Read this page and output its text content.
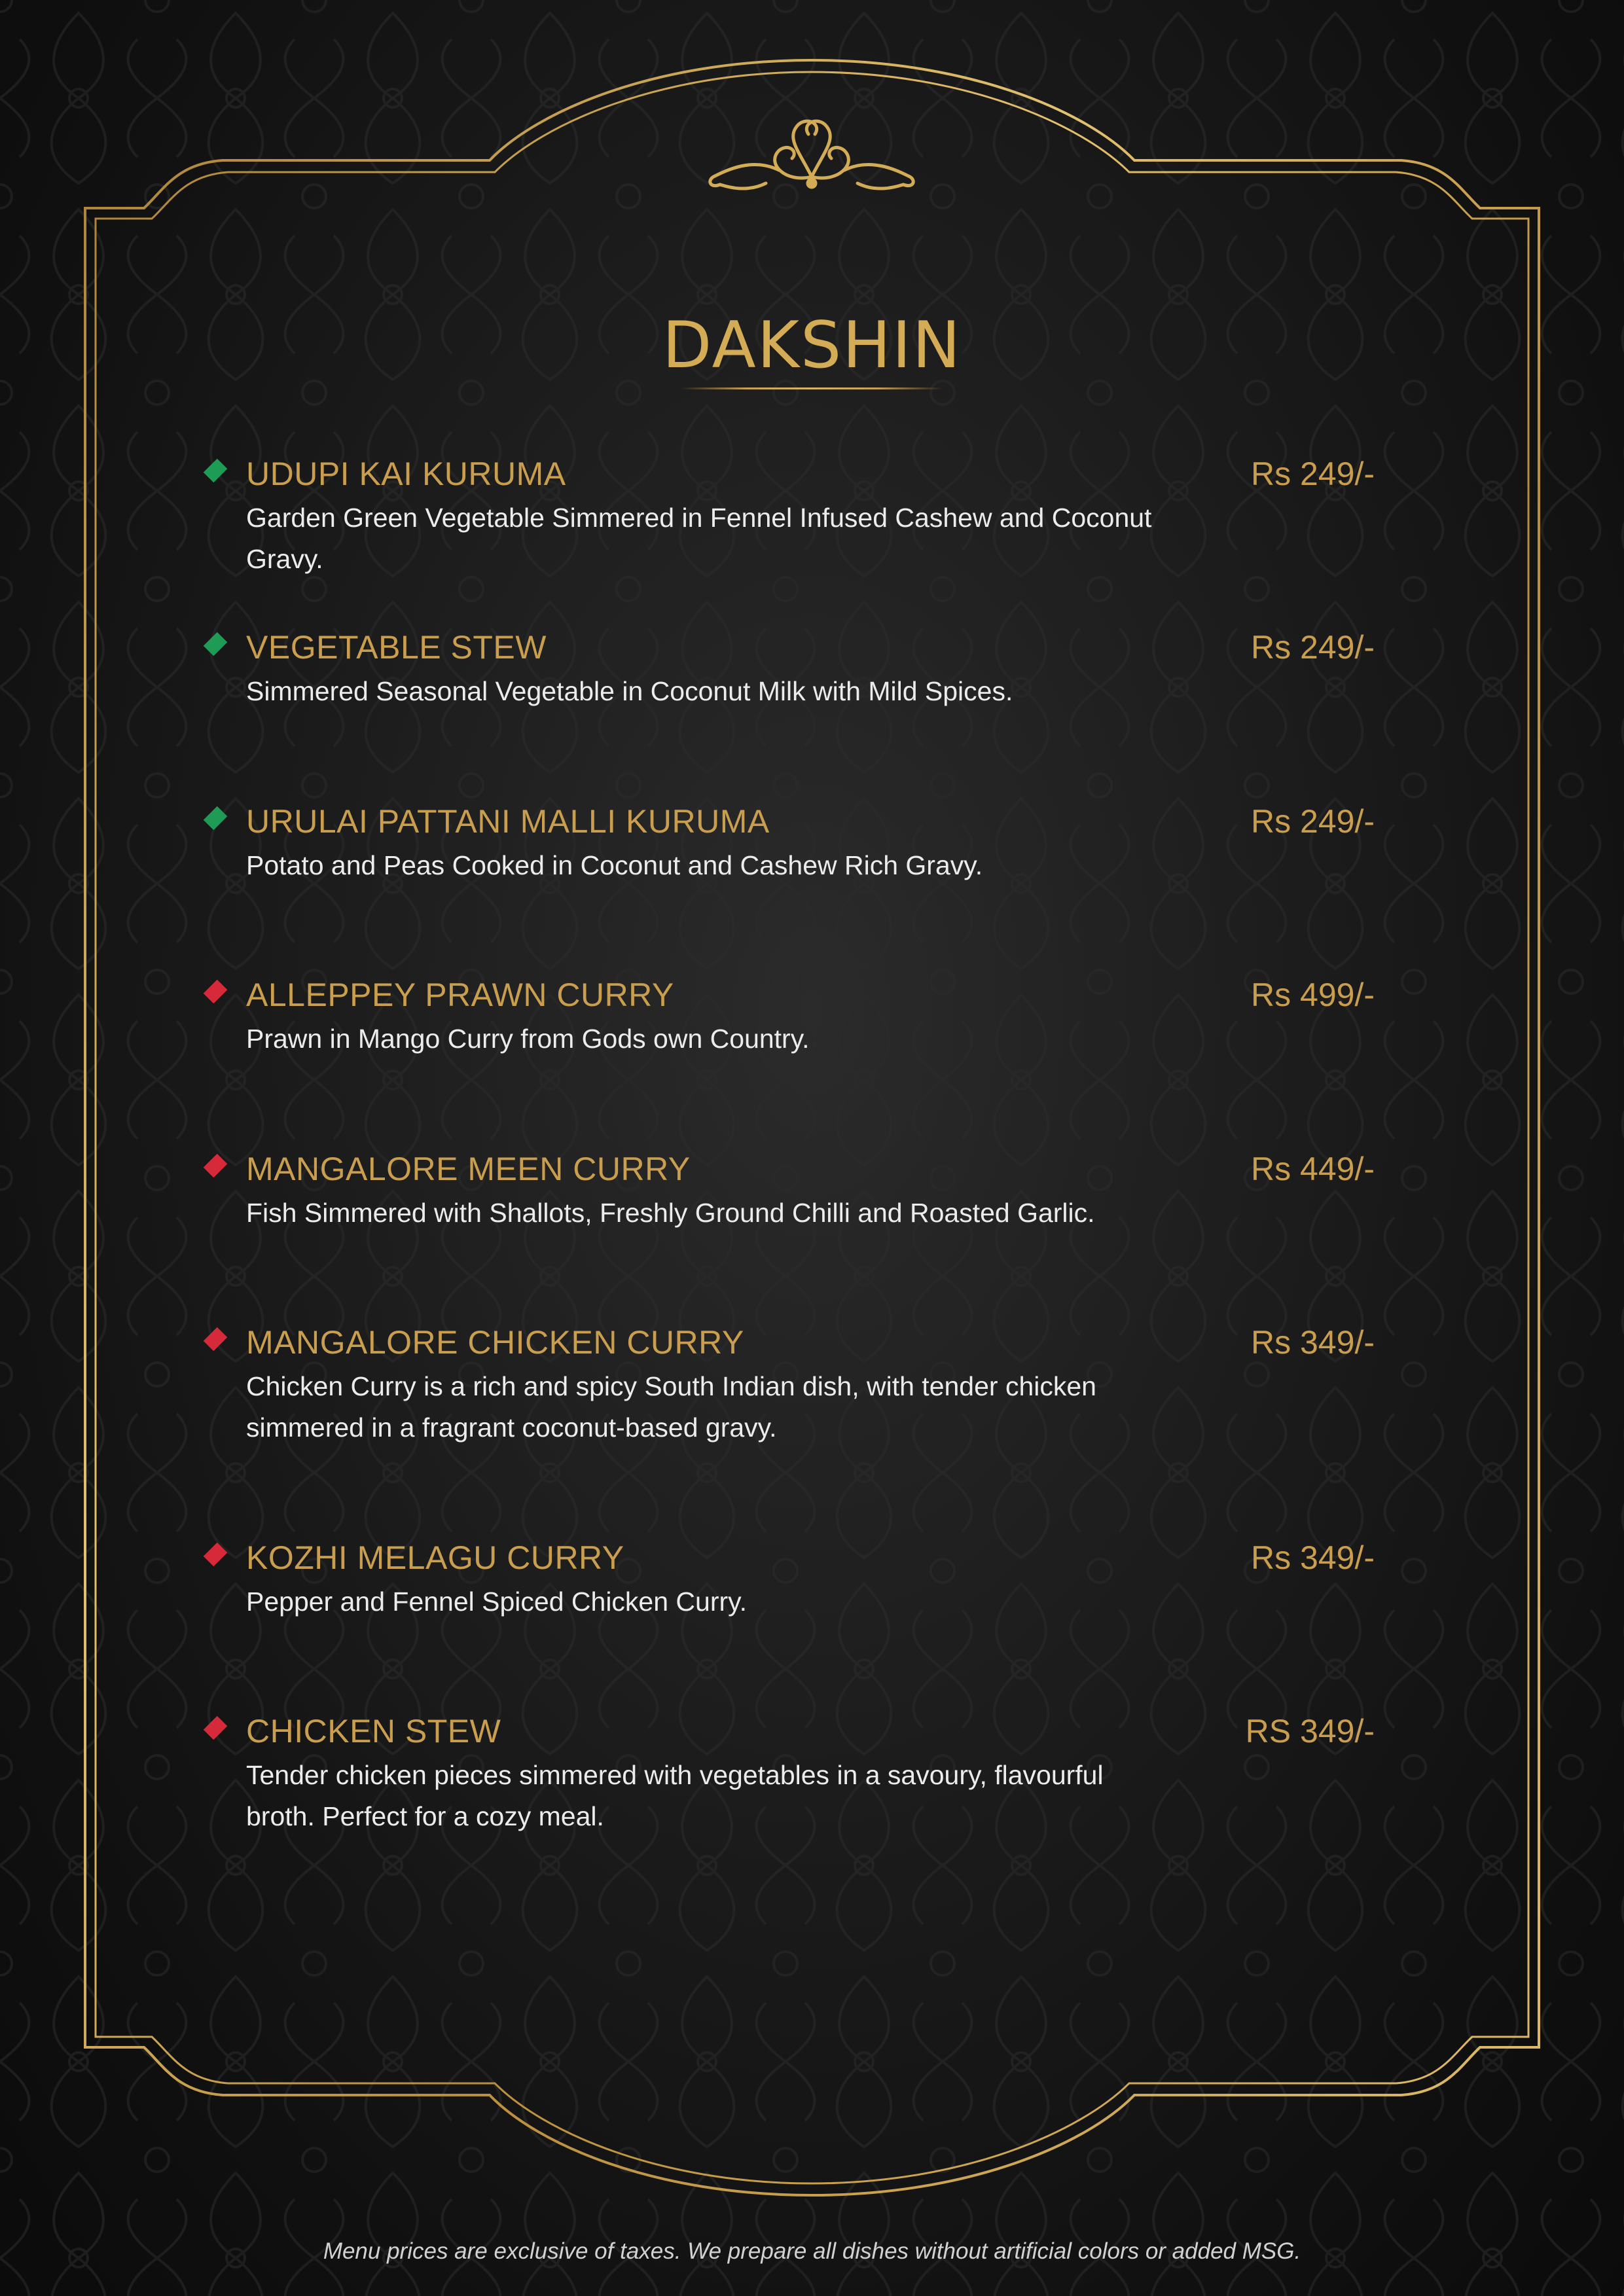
DAKSHIN
UDUPI KAI KURUMA	Rs 249/-
Garden Green Vegetable Simmered in Fennel Infused Cashew and Coconut Gravy.
VEGETABLE STEW	Rs 249/-
Simmered Seasonal Vegetable in Coconut Milk with Mild Spices.
URULAI PATTANI MALLI KURUMA	Rs 249/-
Potato and Peas Cooked in Coconut and Cashew Rich Gravy.
ALLEPPEY PRAWN CURRY	Rs 499/-
Prawn in Mango Curry from Gods own Country.
MANGALORE MEEN CURRY	Rs 449/-
Fish Simmered with Shallots, Freshly Ground Chilli and Roasted Garlic.
MANGALORE CHICKEN CURRY	Rs 349/-
Chicken Curry is a rich and spicy South Indian dish, with tender chicken simmered in a fragrant coconut-based gravy.
KOZHI MELAGU CURRY	Rs 349/-
Pepper and Fennel Spiced Chicken Curry.
CHICKEN STEW	RS 349/-
Tender chicken pieces simmered with vegetables in a savoury, flavourful broth. Perfect for a cozy meal.
Menu prices are exclusive of taxes. We prepare all dishes without artificial colors or added MSG.
